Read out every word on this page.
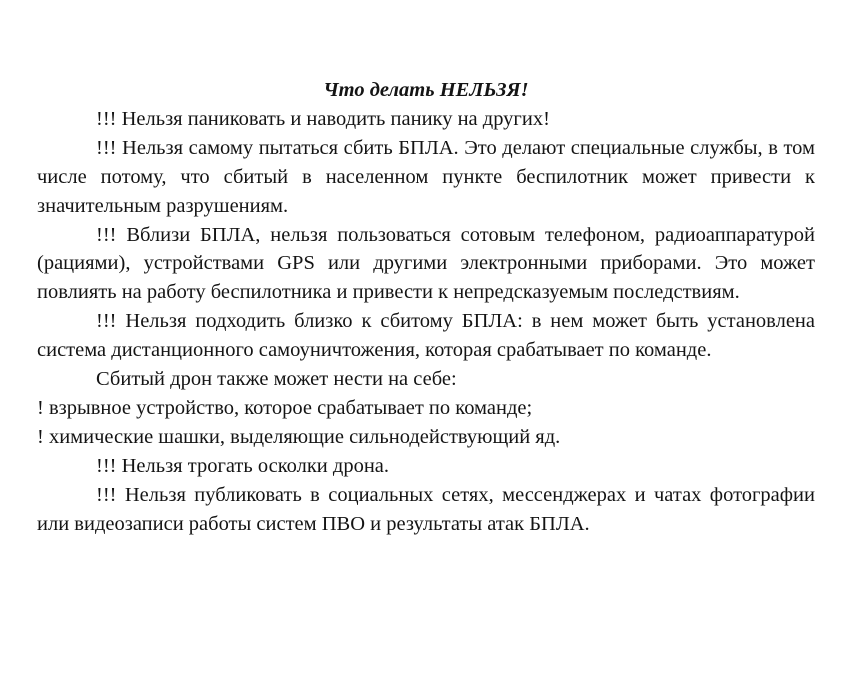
Что делать НЕЛЬЗЯ!

!!! Нельзя паниковать и наводить панику на других!

!!! Нельзя самому пытаться сбить БПЛА. Это делают специальные службы, в том числе потому, что сбитый в населенном пункте беспилотник может привести к значительным разрушениям.

!!! Вблизи БПЛА, нельзя пользоваться сотовым телефоном, радиоаппаратурой (рациями), устройствами GPS или другими электронными приборами. Это может повлиять на работу беспилотника и привести к непредсказуемым последствиям.

!!! Нельзя подходить близко к сбитому БПЛА: в нем может быть установлена система дистанционного самоуничтожения, которая срабатывает по команде.

Сбитый дрон также может нести на себе:

! взрывное устройство, которое срабатывает по команде;

! химические шашки, выделяющие сильнодействующий яд.

!!! Нельзя трогать осколки дрона.

!!! Нельзя публиковать в социальных сетях, мессенджерах и чатах фотографии или видеозаписи работы систем ПВО и результаты атак БПЛА.
